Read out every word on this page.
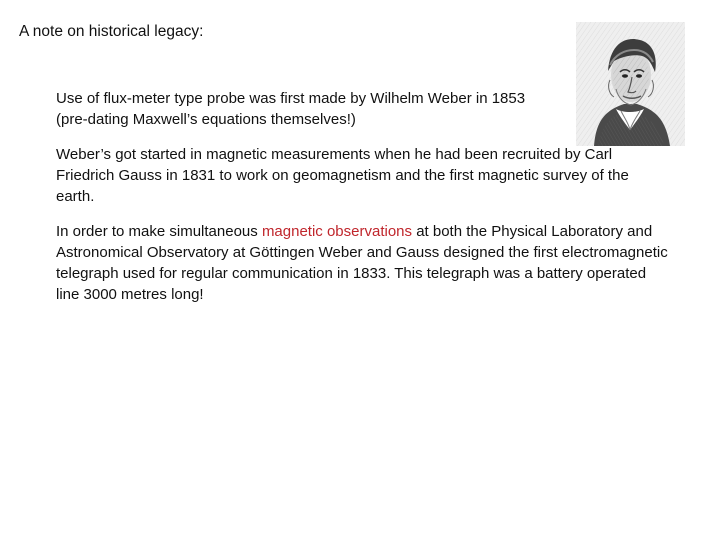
A note on historical legacy:

Use of flux-meter type probe was first made by Wilhelm Weber in 1853 (pre-dating Maxwell’s equations themselves!)

Weber’s got started in magnetic measurements when he had been recruited by Carl Friedrich Gauss in 1831 to work on geomagnetism and the first magnetic survey of the earth.

In order to make simultaneous magnetic observations at both the Physical Laboratory and Astronomical Observatory at Göttingen Weber and Gauss designed the first electromagnetic telegraph used for regular communication in 1833. This telegraph was a battery operated line 3000 metres long!
